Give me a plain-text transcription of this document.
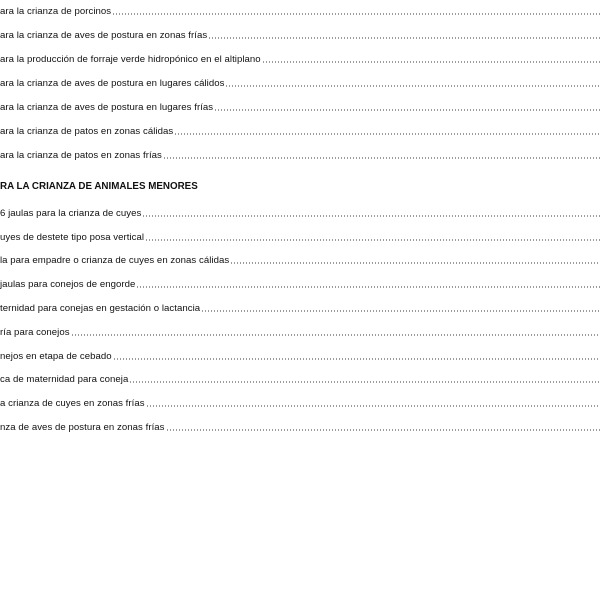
ara la crianza de porcinos
ara la crianza de aves de postura en zonas frías
ara la producción de forraje verde hidropónico en el altiplano
ara la crianza de aves de postura en lugares cálidos
ara la crianza de aves de postura en lugares frías
ara la crianza de patos en zonas cálidas
ara la crianza de patos en zonas frías
RA LA CRIANZA DE ANIMALES MENORES
6 jaulas para la crianza de cuyes
uyes de destete tipo posa vertical
la para empadre o crianza de cuyes en zonas cálidas
jaulas para conejos de engorde
ternidad para conejas en gestación o lactancia
ría para conejos
nejos en etapa de cebado
ca de maternidad para coneja
a crianza de cuyes en zonas frías
nza de aves de postura en zonas frías
